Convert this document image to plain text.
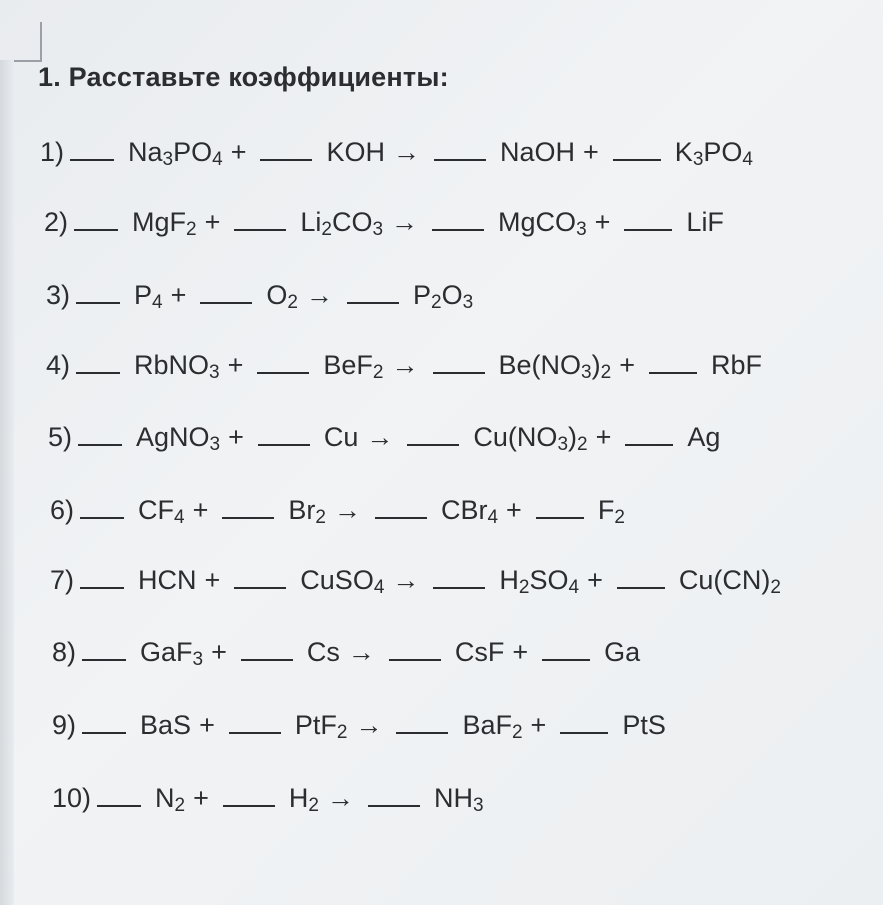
1. Расставьте коэффициенты:
1) $Na_3PO_4$ +	KOH →	NaOH +	$K_3PO_4$
2) MgF$_2$ +	$Li_2CO_3$ →	MgCO$_3$ +	LiF
3) $P_4$ +	$O_2$ →	$P_2O_3$
4) RbNO$_3$ +	BeF$_2$ →	$Be(NO_3)_2$ +	RbF
5) AgNO$_3$ +	Cu →	$Cu(NO_3)_2$ +	Ag
6) $CF_4$ +	$Br_2$ →	CBr$_4$ +	$F_2$
7) HCN +	CuSO$_4$ →	$H_2SO_4$ +	$Cu(CN)_2$
8) GaF$_3$ +	Cs →	CsF +	Ga
9) BaS +	PtF$_2$ →	BaF$_2$ +	PtS
10) $N_2$ +	$H_2$ →	$NH_3$
